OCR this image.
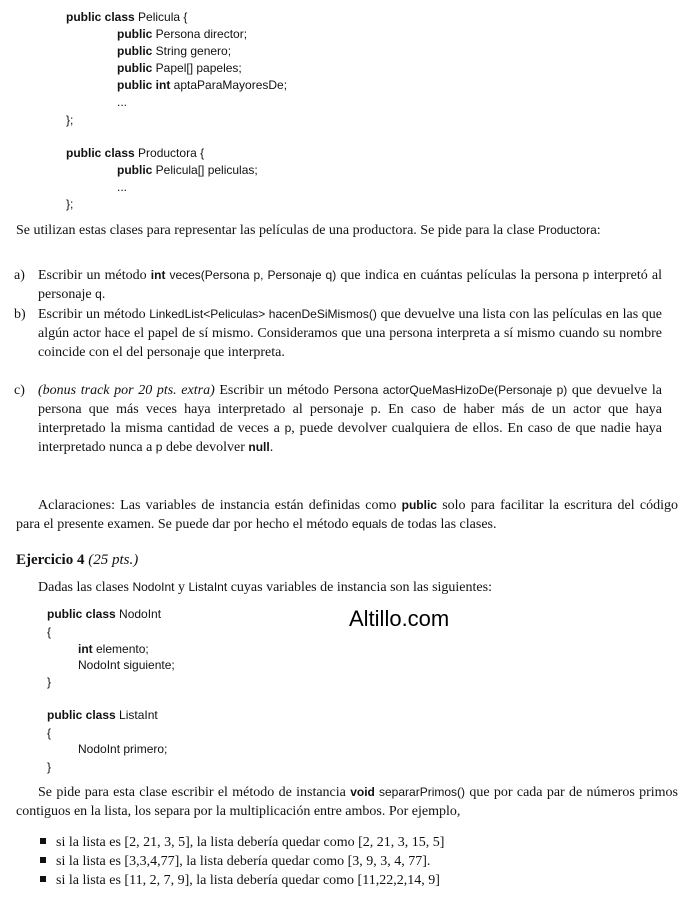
public class Pelicula {
public Persona director;
public String genero;
public Papel[] papeles;
public int aptaParaMayoresDe;
...
};
public class Productora {
public Pelicula[] peliculas;
...
};
Se utilizan estas clases para representar las películas de una productora. Se pide para la clase Productora:
a) Escribir un método int veces(Persona p, Personaje q) que indica en cuántas películas la persona p interpretó al personaje q.
b) Escribir un método LinkedList<Peliculas> hacenDeSiMismos() que devuelve una lista con las películas en las que algún actor hace el papel de sí mismo. Consideramos que una persona interpreta a sí mismo cuando su nombre coincide con el del personaje que interpreta.
c) (bonus track por 20 pts. extra) Escribir un método Persona actorQueMasHizoDe(Personaje p) que devuelve la persona que más veces haya interpretado al personaje p. En caso de haber más de un actor que haya interpretado la misma cantidad de veces a p, puede devolver cualquiera de ellos. En caso de que nadie haya interpretado nunca a p debe devolver null.
Aclaraciones: Las variables de instancia están definidas como public solo para facilitar la escritura del código para el presente examen. Se puede dar por hecho el método equals de todas las clases.
Ejercicio 4 (25 pts.)
Dadas las clases NodoInt y ListaInt cuyas variables de instancia son las siguientes:
Altillo.com
public class NodoInt
{
int elemento;
NodoInt siguiente;
}
public class ListaInt
{
NodoInt primero;
}
Se pide para esta clase escribir el método de instancia void separarPrimos() que por cada par de números primos contiguos en la lista, los separa por la multiplicación entre ambos. Por ejemplo,
si la lista es [2, 21, 3, 5], la lista debería quedar como [2, 21, 3, 15, 5]
si la lista es [3,3,4,77], la lista debería quedar como [3, 9, 3, 4, 77].
si la lista es [11, 2, 7, 9], la lista debería quedar como [11,22,2,14, 9]
